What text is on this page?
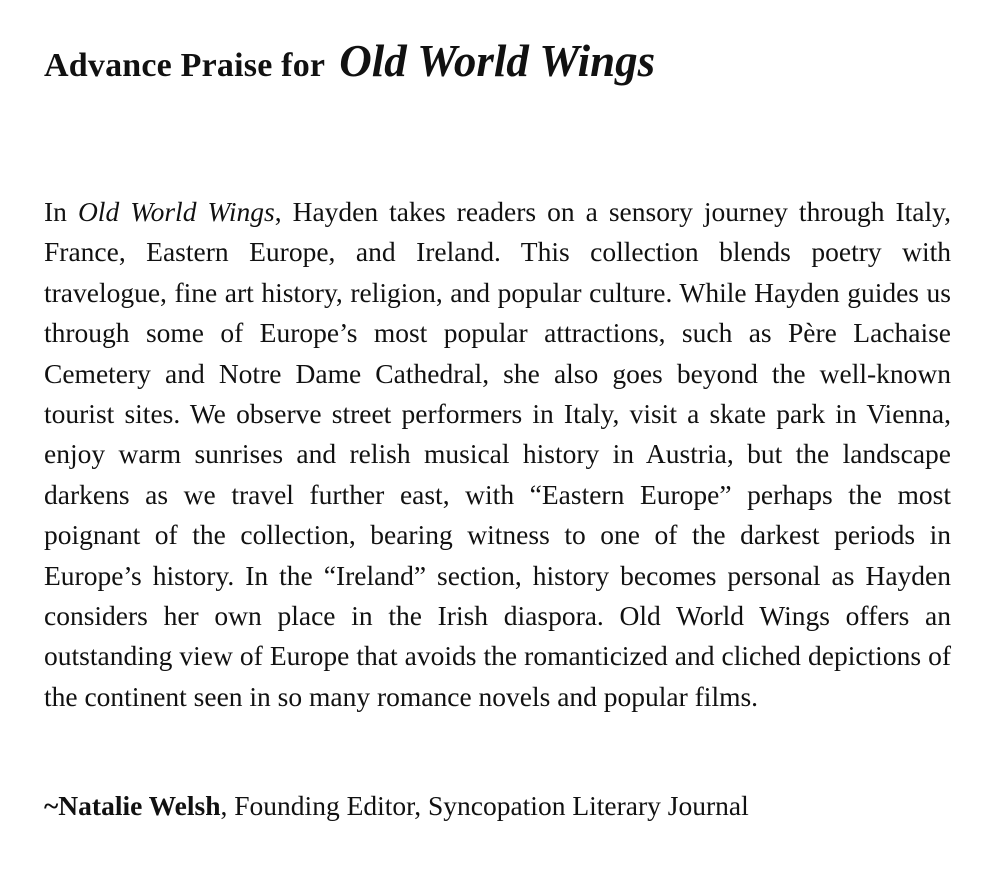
Advance Praise for Old World Wings

In Old World Wings, Hayden takes readers on a sensory journey through Italy, France, Eastern Europe, and Ireland. This collection blends poetry with travelogue, fine art history, religion, and popular culture. While Hayden guides us through some of Europe’s most popular attractions, such as Père Lachaise Cemetery and Notre Dame Cathedral, she also goes beyond the well-known tourist sites. We observe street performers in Italy, visit a skate park in Vienna, enjoy warm sunrises and relish musical history in Austria, but the landscape darkens as we travel further east, with “Eastern Europe” perhaps the most poignant of the collection, bearing witness to one of the darkest periods in Europe’s history. In the “Ireland” section, history becomes personal as Hayden considers her own place in the Irish diaspora. Old World Wings offers an outstanding view of Europe that avoids the romanticized and cliched depictions of the continent seen in so many romance novels and popular films.

~Natalie Welsh, Founding Editor, Syncopation Literary Journal
